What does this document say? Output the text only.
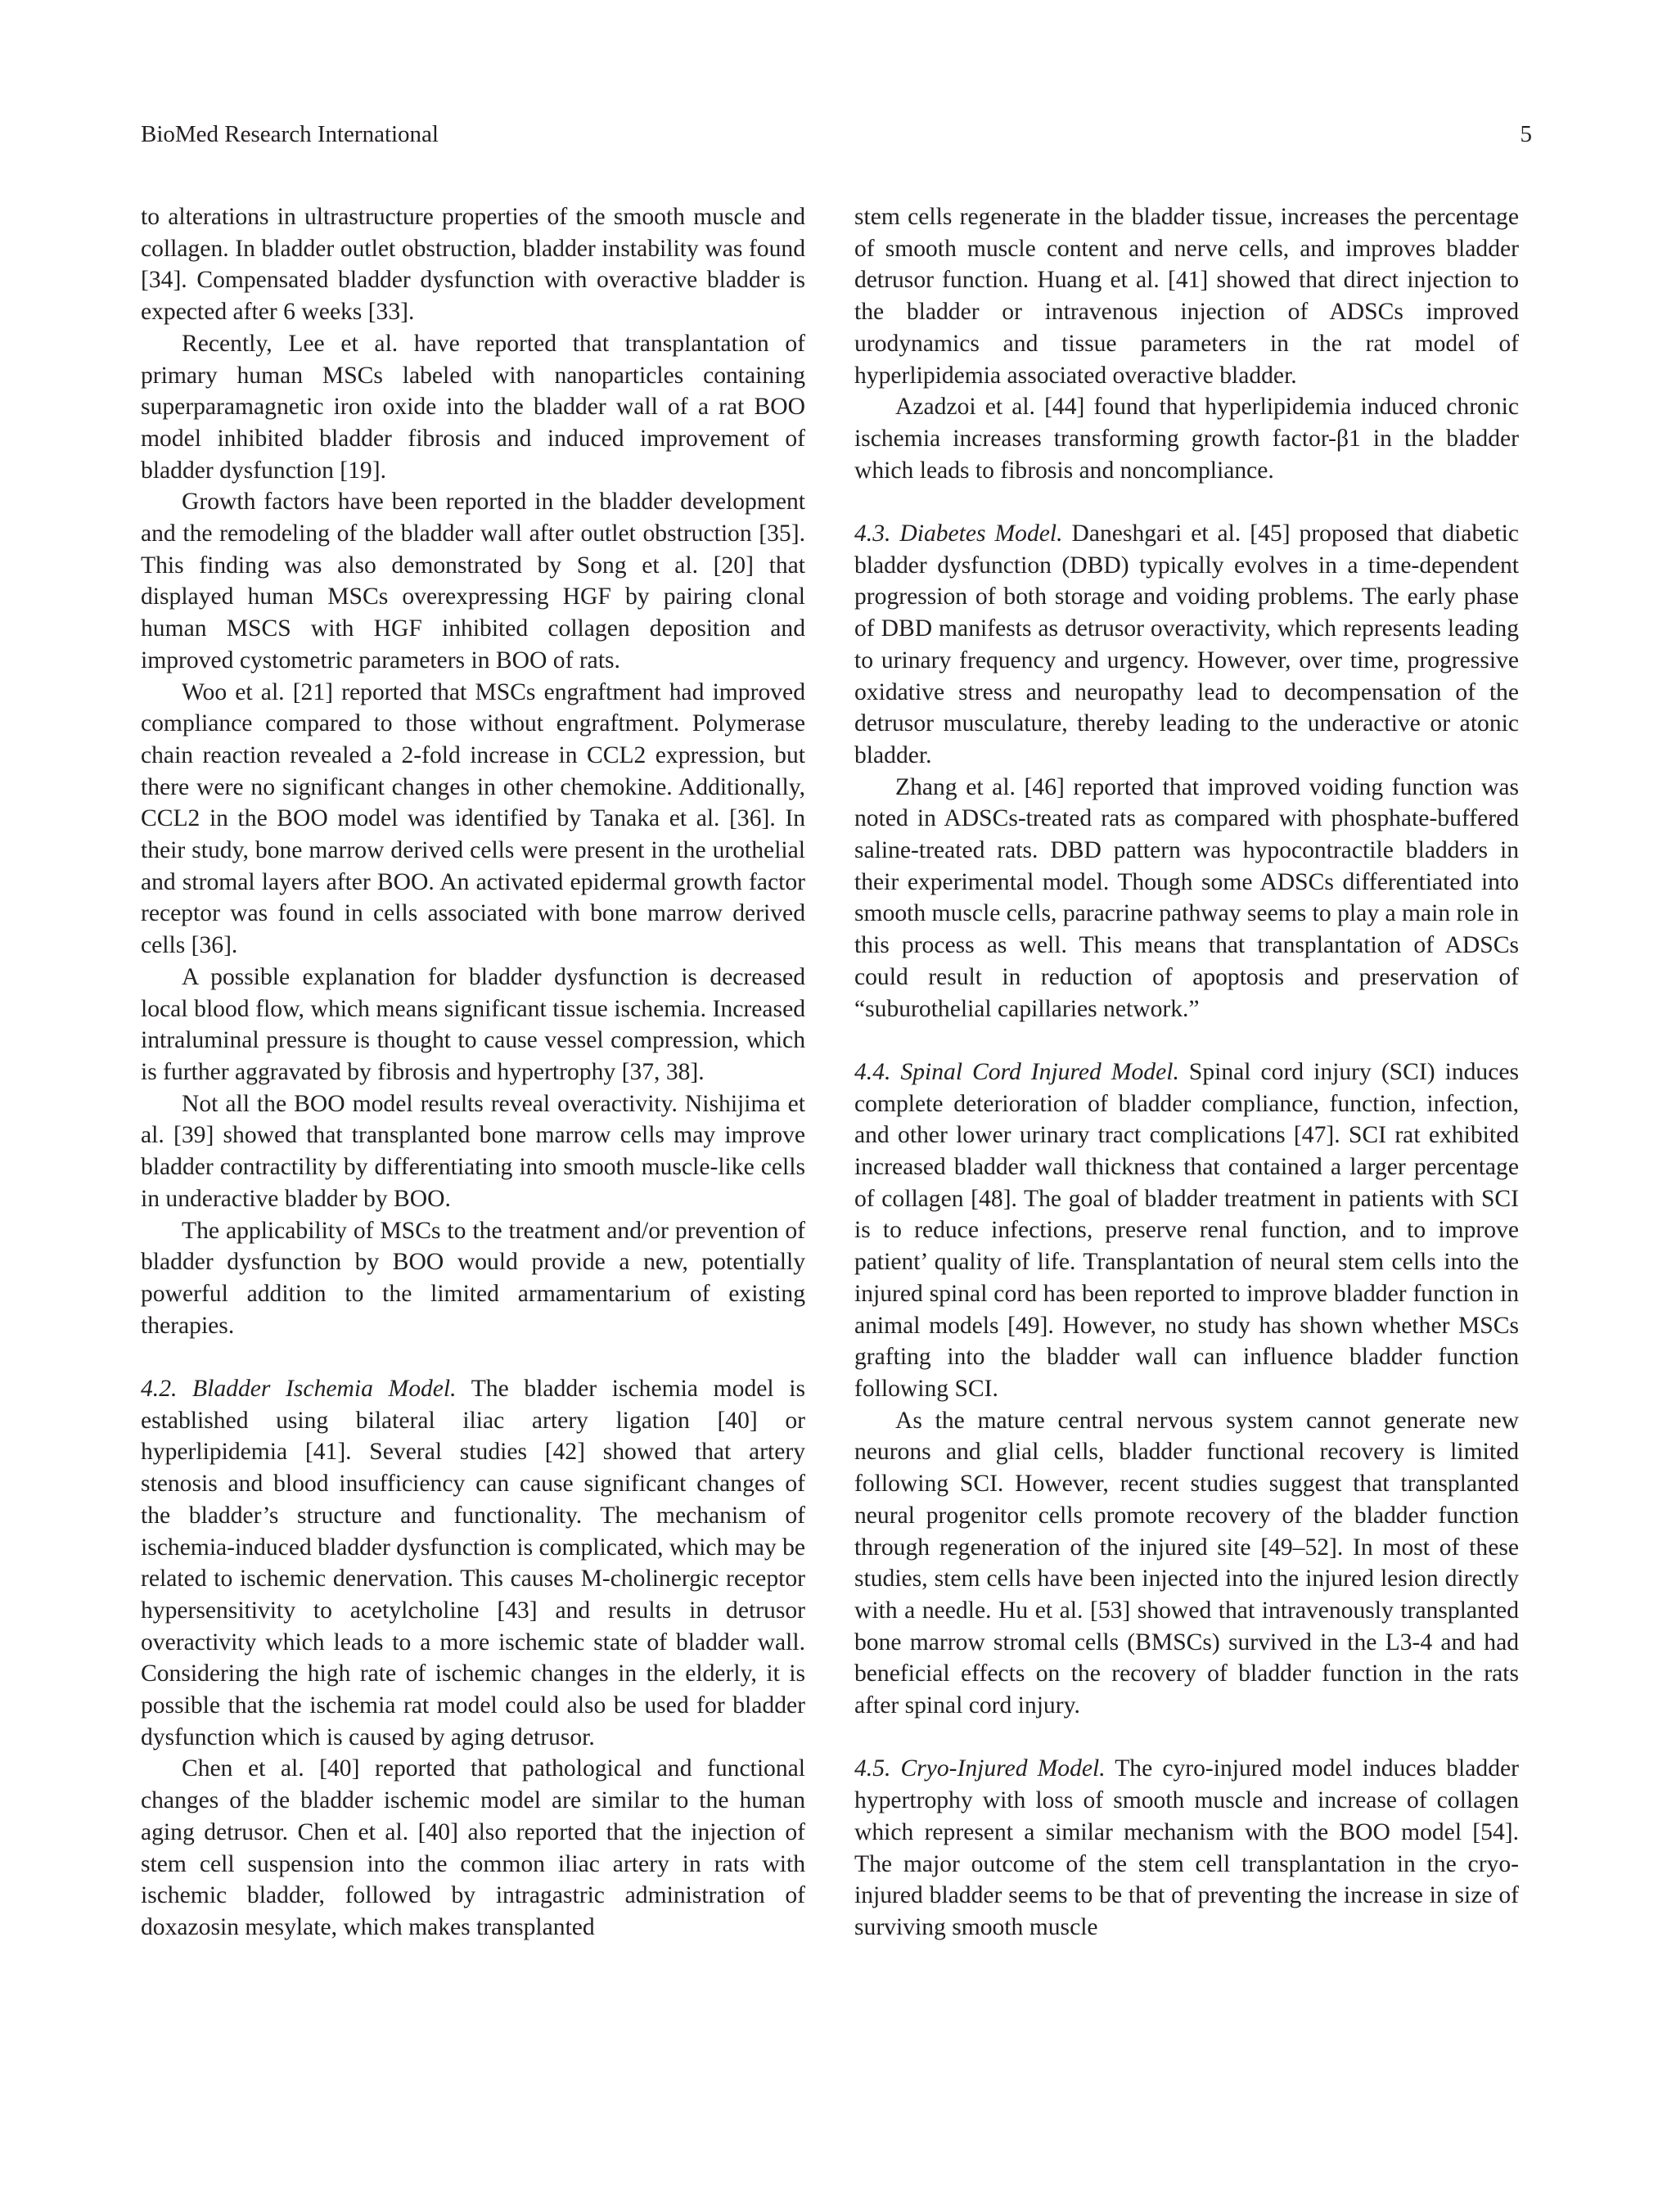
BioMed Research International	5

to alterations in ultrastructure properties of the smooth muscle and collagen. In bladder outlet obstruction, bladder instability was found [34]. Compensated bladder dysfunction with overactive bladder is expected after 6 weeks [33].

Recently, Lee et al. have reported that transplantation of primary human MSCs labeled with nanoparticles containing superparamagnetic iron oxide into the bladder wall of a rat BOO model inhibited bladder fibrosis and induced improvement of bladder dysfunction [19].

Growth factors have been reported in the bladder development and the remodeling of the bladder wall after outlet obstruction [35]. This finding was also demonstrated by Song et al. [20] that displayed human MSCs overexpressing HGF by pairing clonal human MSCS with HGF inhibited collagen deposition and improved cystometric parameters in BOO of rats.

Woo et al. [21] reported that MSCs engraftment had improved compliance compared to those without engraftment. Polymerase chain reaction revealed a 2-fold increase in CCL2 expression, but there were no significant changes in other chemokine. Additionally, CCL2 in the BOO model was identified by Tanaka et al. [36]. In their study, bone marrow derived cells were present in the urothelial and stromal layers after BOO. An activated epidermal growth factor receptor was found in cells associated with bone marrow derived cells [36].

A possible explanation for bladder dysfunction is decreased local blood flow, which means significant tissue ischemia. Increased intraluminal pressure is thought to cause vessel compression, which is further aggravated by fibrosis and hypertrophy [37, 38].

Not all the BOO model results reveal overactivity. Nishijima et al. [39] showed that transplanted bone marrow cells may improve bladder contractility by differentiating into smooth muscle-like cells in underactive bladder by BOO.

The applicability of MSCs to the treatment and/or prevention of bladder dysfunction by BOO would provide a new, potentially powerful addition to the limited armamentarium of existing therapies.

4.2. Bladder Ischemia Model. The bladder ischemia model is established using bilateral iliac artery ligation [40] or hyperlipidemia [41]. Several studies [42] showed that artery stenosis and blood insufficiency can cause significant changes of the bladder’s structure and functionality. The mechanism of ischemia-induced bladder dysfunction is complicated, which may be related to ischemic denervation. This causes M-cholinergic receptor hypersensitivity to acetylcholine [43] and results in detrusor overactivity which leads to a more ischemic state of bladder wall. Considering the high rate of ischemic changes in the elderly, it is possible that the ischemia rat model could also be used for bladder dysfunction which is caused by aging detrusor.

Chen et al. [40] reported that pathological and functional changes of the bladder ischemic model are similar to the human aging detrusor. Chen et al. [40] also reported that the injection of stem cell suspension into the common iliac artery in rats with ischemic bladder, followed by intragastric administration of doxazosin mesylate, which makes transplanted

stem cells regenerate in the bladder tissue, increases the percentage of smooth muscle content and nerve cells, and improves bladder detrusor function. Huang et al. [41] showed that direct injection to the bladder or intravenous injection of ADSCs improved urodynamics and tissue parameters in the rat model of hyperlipidemia associated overactive bladder.

Azadzoi et al. [44] found that hyperlipidemia induced chronic ischemia increases transforming growth factor-β1 in the bladder which leads to fibrosis and noncompliance.

4.3. Diabetes Model. Daneshgari et al. [45] proposed that diabetic bladder dysfunction (DBD) typically evolves in a time-dependent progression of both storage and voiding problems. The early phase of DBD manifests as detrusor overactivity, which represents leading to urinary frequency and urgency. However, over time, progressive oxidative stress and neuropathy lead to decompensation of the detrusor musculature, thereby leading to the underactive or atonic bladder.

Zhang et al. [46] reported that improved voiding function was noted in ADSCs-treated rats as compared with phosphate-buffered saline-treated rats. DBD pattern was hypocontractile bladders in their experimental model. Though some ADSCs differentiated into smooth muscle cells, paracrine pathway seems to play a main role in this process as well. This means that transplantation of ADSCs could result in reduction of apoptosis and preservation of “suburothelial capillaries network.”

4.4. Spinal Cord Injured Model. Spinal cord injury (SCI) induces complete deterioration of bladder compliance, function, infection, and other lower urinary tract complications [47]. SCI rat exhibited increased bladder wall thickness that contained a larger percentage of collagen [48]. The goal of bladder treatment in patients with SCI is to reduce infections, preserve renal function, and to improve patient’ quality of life. Transplantation of neural stem cells into the injured spinal cord has been reported to improve bladder function in animal models [49]. However, no study has shown whether MSCs grafting into the bladder wall can influence bladder function following SCI.

As the mature central nervous system cannot generate new neurons and glial cells, bladder functional recovery is limited following SCI. However, recent studies suggest that transplanted neural progenitor cells promote recovery of the bladder function through regeneration of the injured site [49–52]. In most of these studies, stem cells have been injected into the injured lesion directly with a needle. Hu et al. [53] showed that intravenously transplanted bone marrow stromal cells (BMSCs) survived in the L3-4 and had beneficial effects on the recovery of bladder function in the rats after spinal cord injury.

4.5. Cryo-Injured Model. The cyro-injured model induces bladder hypertrophy with loss of smooth muscle and increase of collagen which represent a similar mechanism with the BOO model [54]. The major outcome of the stem cell transplantation in the cryo-injured bladder seems to be that of preventing the increase in size of surviving smooth muscle
